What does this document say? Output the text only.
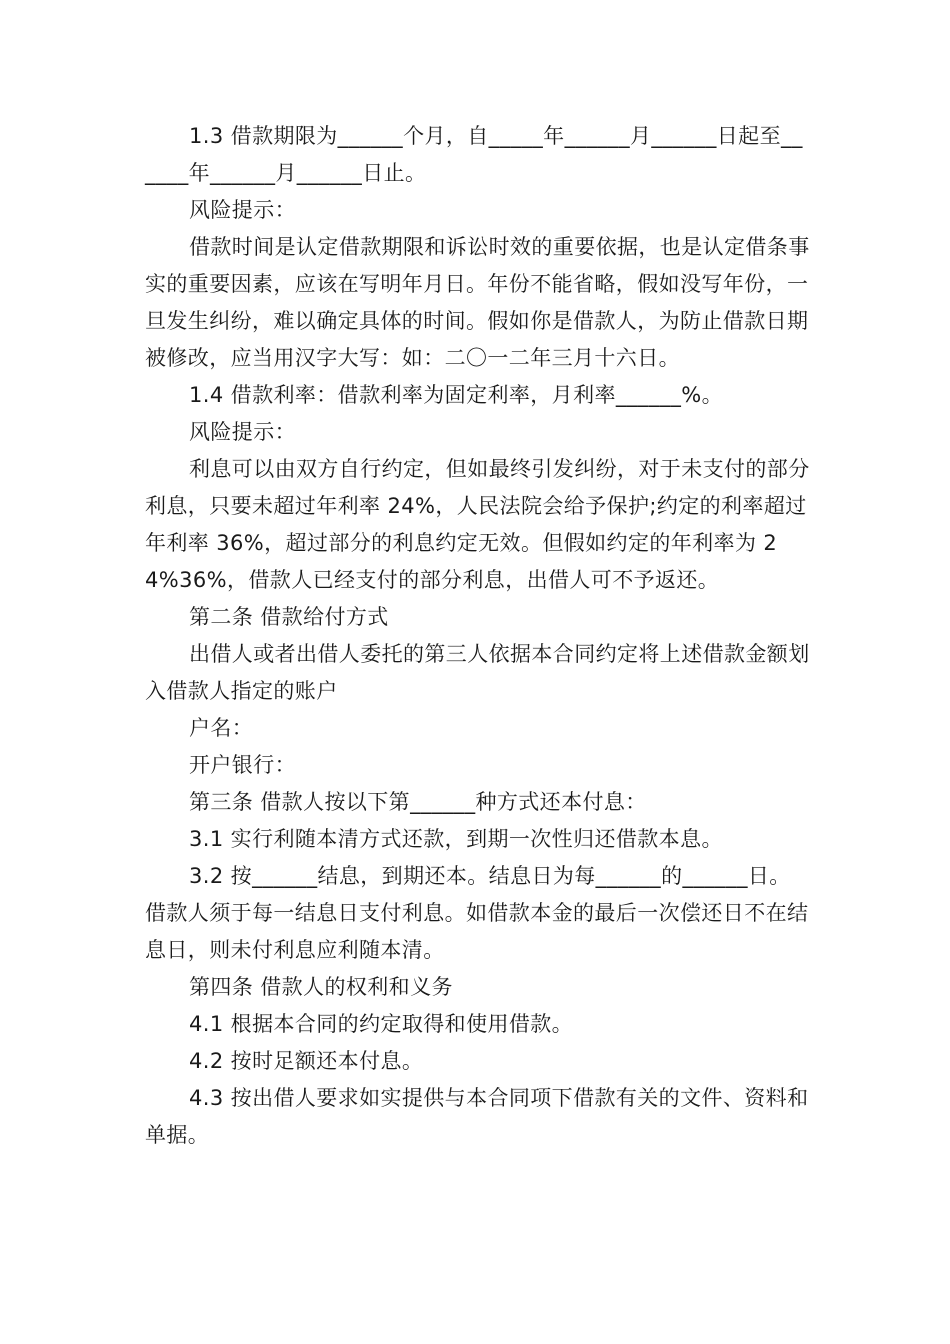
1.3 借款期限为______个月，自_____年______月______日起至______年______月______日止。

风险提示：

借款时间是认定借款期限和诉讼时效的重要依据，也是认定借条事实的重要因素，应该在写明年月日。年份不能省略，假如没写年份，一旦发生纠纷，难以确定具体的时间。假如你是借款人，为防止借款日期被修改，应当用汉字大写：如：二〇一二年三月十六日。

1.4 借款利率：借款利率为固定利率，月利率______%。

风险提示：

利息可以由双方自行约定，但如最终引发纠纷，对于未支付的部分利息，只要未超过年利率 24%，人民法院会给予保护;约定的利率超过年利率 36%，超过部分的利息约定无效。但假如约定的年利率为 24%36%，借款人已经支付的部分利息，出借人可不予返还。

第二条 借款给付方式

出借人或者出借人委托的第三人依据本合同约定将上述借款金额划入借款人指定的账户

户名：

开户银行：

第三条 借款人按以下第______种方式还本付息：

3.1 实行利随本清方式还款，到期一次性归还借款本息。

3.2 按______结息，到期还本。结息日为每______的______日。借款人须于每一结息日支付利息。如借款本金的最后一次偿还日不在结息日，则未付利息应利随本清。

第四条 借款人的权利和义务

4.1 根据本合同的约定取得和使用借款。

4.2 按时足额还本付息。

4.3 按出借人要求如实提供与本合同项下借款有关的文件、资料和单据。
